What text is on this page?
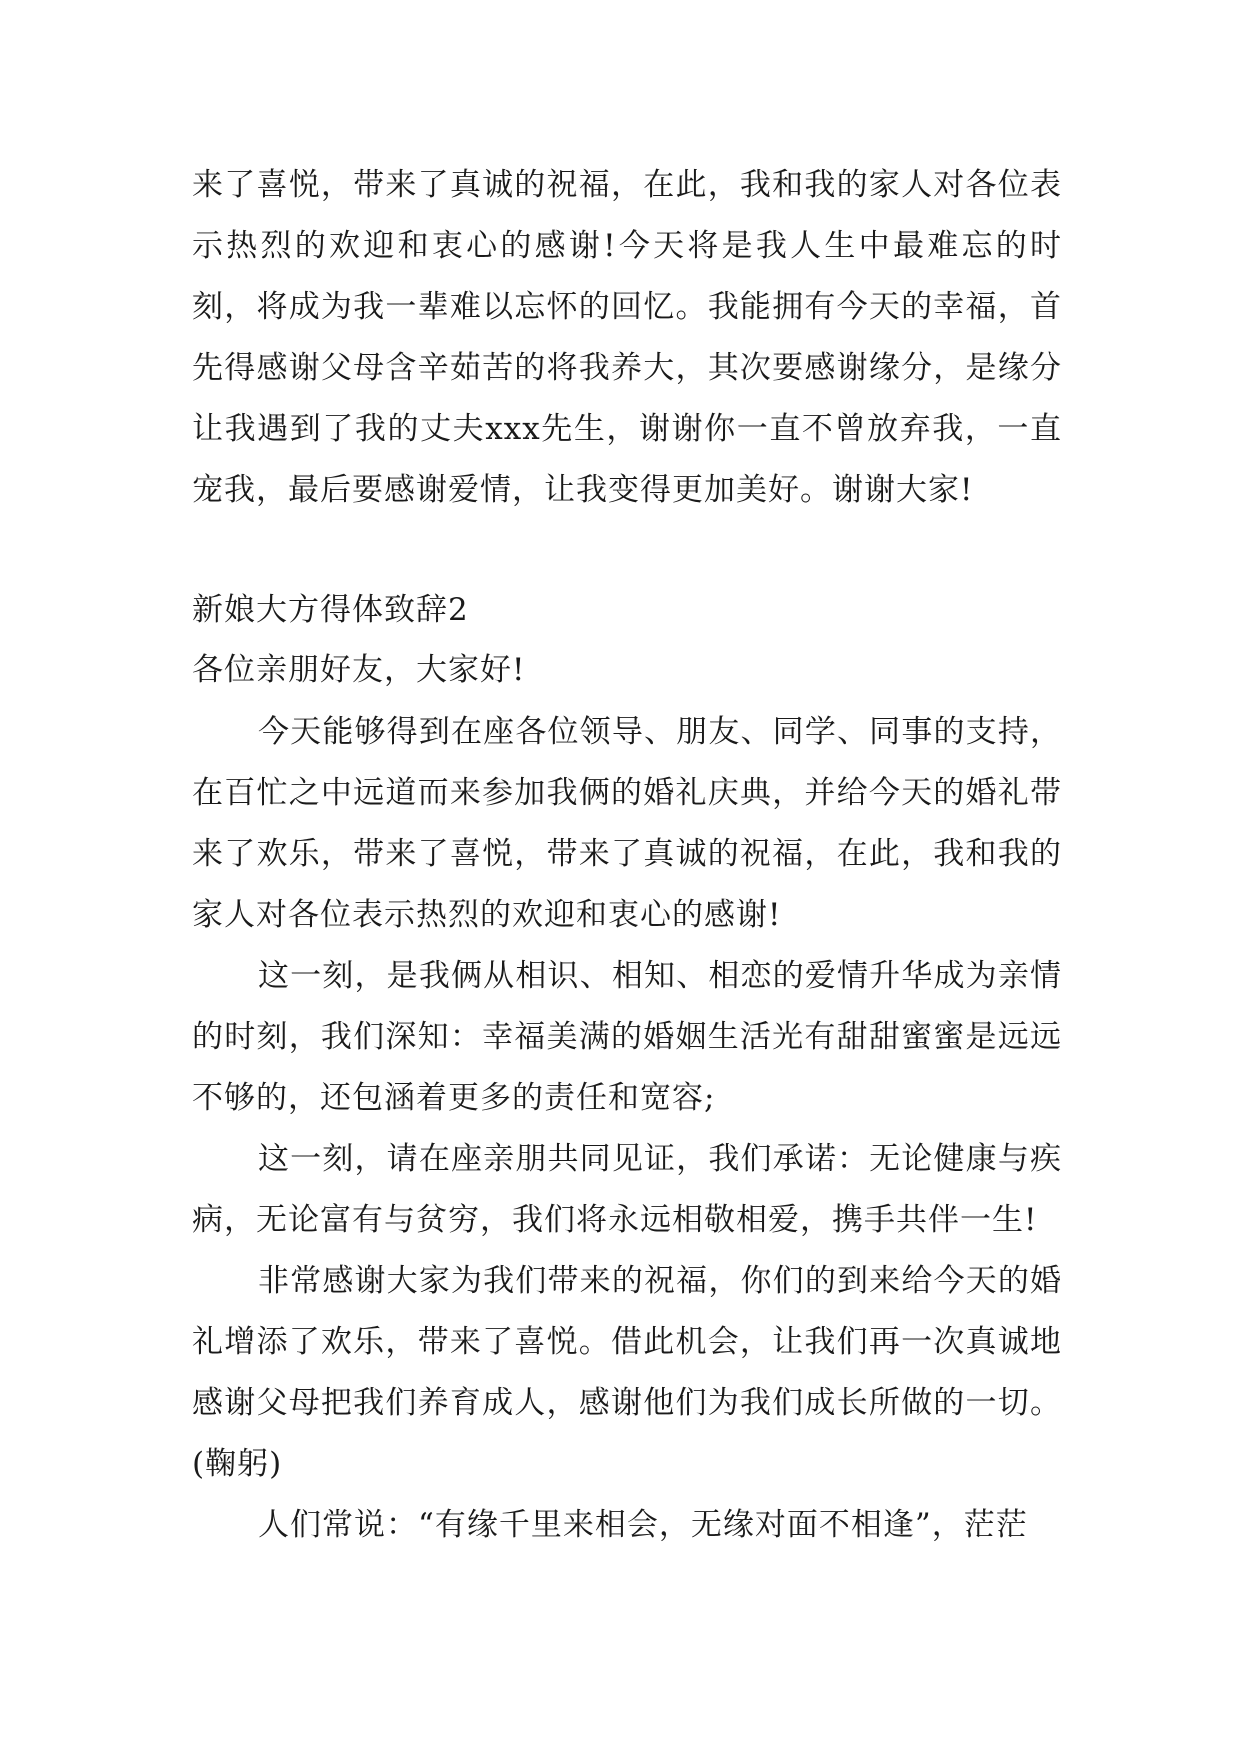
来了喜悦，带来了真诚的祝福，在此，我和我的家人对各位表示热烈的欢迎和衷心的感谢!今天将是我人生中最难忘的时刻，将成为我一辈难以忘怀的回忆。我能拥有今天的幸福，首先得感谢父母含辛茹苦的将我养大，其次要感谢缘分，是缘分让我遇到了我的丈夫xxx先生，谢谢你一直不曾放弃我，一直宠我，最后要感谢爱情，让我变得更加美好。谢谢大家!

新娘大方得体致辞2

各位亲朋好友，大家好!

今天能够得到在座各位领导、朋友、同学、同事的支持，在百忙之中远道而来参加我俩的婚礼庆典，并给今天的婚礼带来了欢乐，带来了喜悦，带来了真诚的祝福，在此，我和我的家人对各位表示热烈的欢迎和衷心的感谢!

这一刻，是我俩从相识、相知、相恋的爱情升华成为亲情的时刻，我们深知：幸福美满的婚姻生活光有甜甜蜜蜜是远远不够的，还包涵着更多的责任和宽容;

这一刻，请在座亲朋共同见证，我们承诺：无论健康与疾病，无论富有与贫穷，我们将永远相敬相爱，携手共伴一生!

非常感谢大家为我们带来的祝福，你们的到来给今天的婚礼增添了欢乐，带来了喜悦。借此机会，让我们再一次真诚地感谢父母把我们养育成人，感谢他们为我们成长所做的一切。(鞠躬)

人们常说：“有缘千里来相会，无缘对面不相逢”，茫茫
